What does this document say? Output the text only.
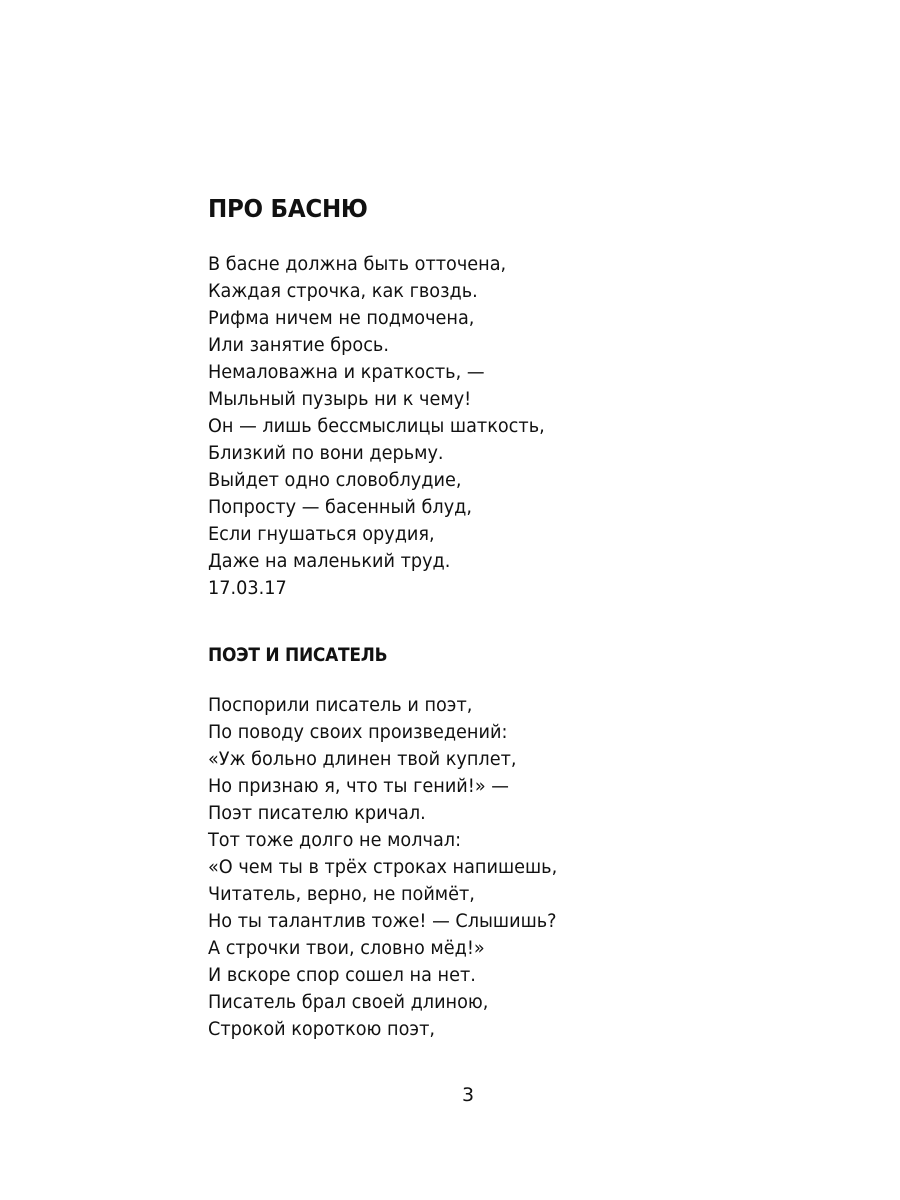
ПРО БАСНЮ
В басне должна быть отточена,
Каждая строчка, как гвоздь.
Рифма ничем не подмочена,
Или занятие брось.
Немаловажна и краткость, —
Мыльный пузырь ни к чему!
Он — лишь бессмыслицы шаткость,
Близкий по вони дерьму.
Выйдет одно словоблудие,
Попросту — басенный блуд,
Если гнушаться орудия,
Даже на маленький труд.
17.03.17
ПОЭТ И ПИСАТЕЛЬ
Поспорили писатель и поэт,
По поводу своих произведений:
«Уж больно длинен твой куплет,
Но признаю я, что ты гений!» —
Поэт писателю кричал.
Тот тоже долго не молчал:
«О чем ты в трёх строках напишешь,
Читатель, верно, не поймёт,
Но ты талантлив тоже! — Слышишь?
А строчки твои, словно мёд!»
И вскоре спор сошел на нет.
Писатель брал своей длиною,
Строкой короткою поэт,
3
